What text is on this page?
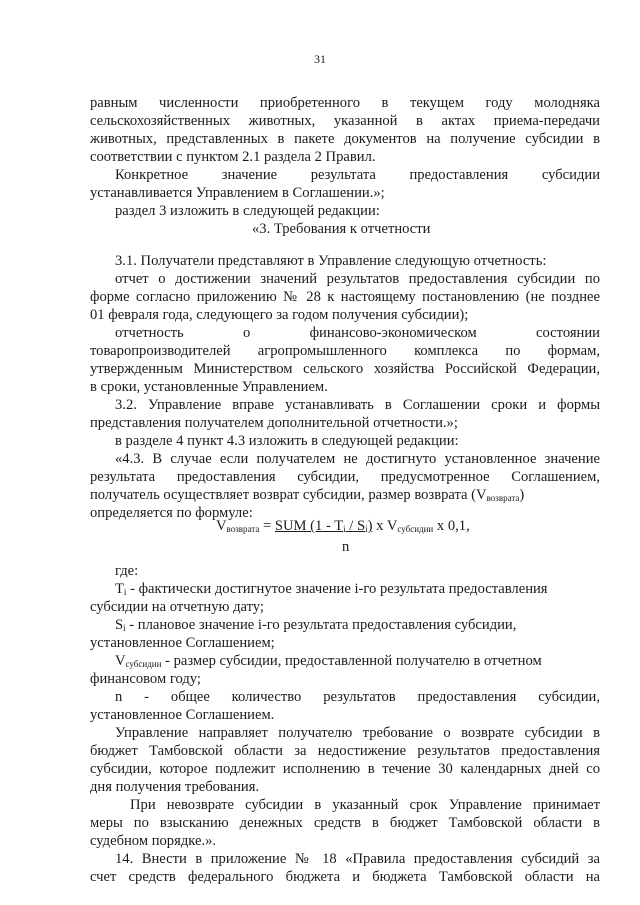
31
равным численности приобретенного в текущем году молодняка
сельскохозяйственных животных, указанной в актах приема-передачи
животных, представленных в пакете документов на получение субсидии в
соответствии с пунктом 2.1 раздела 2 Правил.
Конкретное значение результата предоставления субсидии
устанавливается Управлением в Соглашении.»;
раздел 3 изложить в следующей редакции:
«3. Требования к отчетности
3.1. Получатели представляют в Управление следующую отчетность:
отчет о достижении значений результатов предоставления субсидии по
форме согласно приложению № 28 к настоящему постановлению (не позднее
01 февраля года, следующего за годом получения субсидии);
отчетность о финансово-экономическом состоянии
товаропроизводителей агропромышленного комплекса по формам,
утвержденным Министерством сельского хозяйства Российской Федерации,
в сроки, установленные Управлением.
3.2. Управление вправе устанавливать в Соглашении сроки и формы
представления получателем дополнительной отчетности.»;
в разделе 4 пункт 4.3 изложить в следующей редакции:
«4.3. В случае если получателем не достигнуто установленное значение
результата предоставления субсидии, предусмотренное Соглашением,
получатель осуществляет возврат субсидии, размер возврата $(V_{возврата})$
определяется по формуле:
$V_{возврата}$ = SUM $(1 - T_i / S_i)$ x $V_{субсидии}$ x 0,1,
n
где:
$T_i$ - фактически достигнутое значение i-го результата предоставления
субсидии на отчетную дату;
$S_i$ - плановое значение i-го результата предоставления субсидии,
установленное Соглашением;
$V_{субсидии}$ - размер субсидии, предоставленной получателю в отчетном
финансовом году;
n - общее количество результатов предоставления субсидии,
установленное Соглашением.
Управление направляет получателю требование о возврате субсидии в
бюджет Тамбовской области за недостижение результатов предоставления
субсидии, которое подлежит исполнению в течение 30 календарных дней со
дня получения требования.
При невозврате субсидии в указанный срок Управление принимает
меры по взысканию денежных средств в бюджет Тамбовской области в
судебном порядке.».
14. Внести в приложение № 18 «Правила предоставления субсидий за
счет средств федерального бюджета и бюджета Тамбовской области на
